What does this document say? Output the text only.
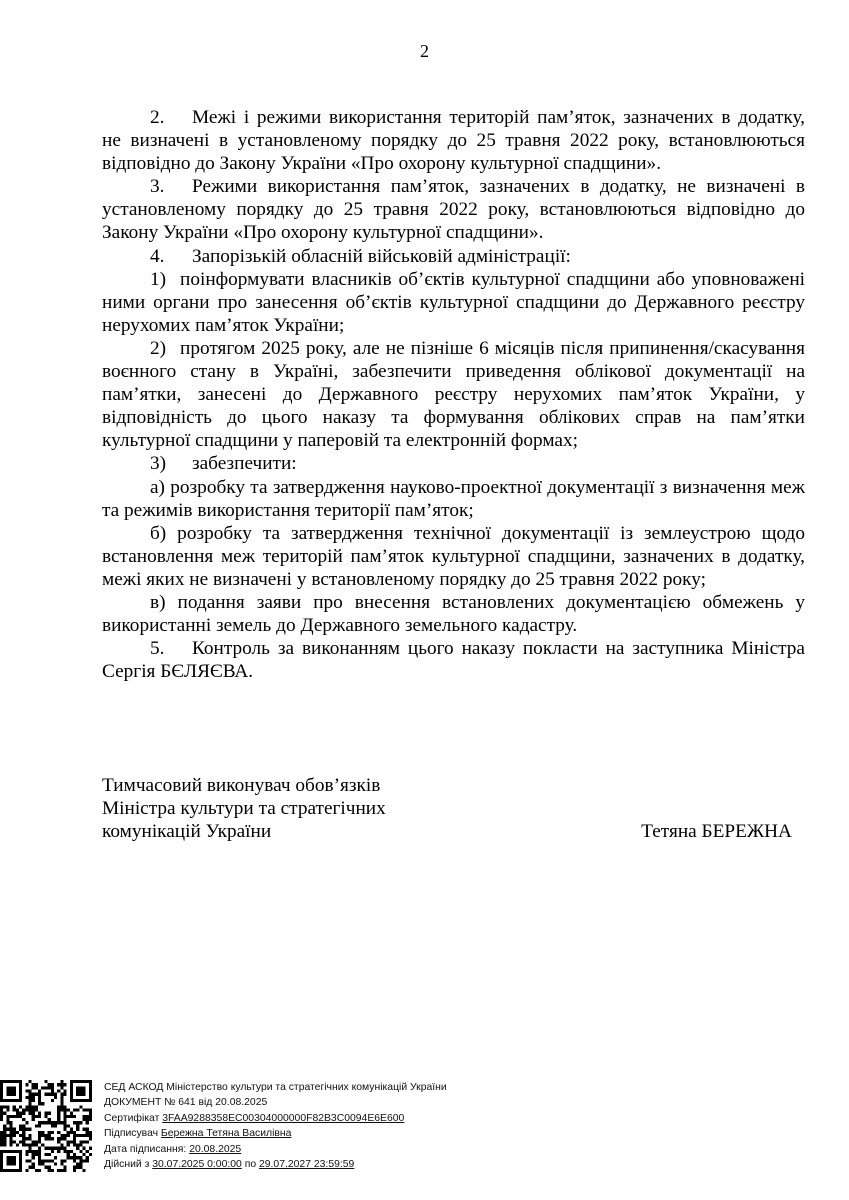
2

2. Межі і режими використання територій пам’яток, зазначених в додатку, не визначені в установленому порядку до 25 травня 2022 року, встановлюються відповідно до Закону України «Про охорону культурної спадщини».

3. Режими використання пам’яток, зазначених в додатку, не визначені в установленому порядку до 25 травня 2022 року, встановлюються відповідно до Закону України «Про охорону культурної спадщини».

4. Запорізькій обласній військовій адміністрації:

1) поінформувати власників об’єктів культурної спадщини або уповноважені ними органи про занесення об’єктів культурної спадщини до Державного реєстру нерухомих пам’яток України;

2) протягом 2025 року, але не пізніше 6 місяців після припинення/скасування воєнного стану в Україні, забезпечити приведення облікової документації на пам’ятки, занесені до Державного реєстру нерухомих пам’яток України, у відповідність до цього наказу та формування облікових справ на пам’ятки культурної спадщини у паперовій та електронній формах;

3) забезпечити:

а) розробку та затвердження науково-проектної документації з визначення меж та режимів використання території пам’яток;

б) розробку та затвердження технічної документації із землеустрою щодо встановлення меж територій пам’яток культурної спадщини, зазначених в додатку, межі яких не визначені у встановленому порядку до 25 травня 2022 року;

в) подання заяви про внесення встановлених документацією обмежень у використанні земель до Державного земельного кадастру.

5. Контроль за виконанням цього наказу покласти на заступника Міністра Сергія БЄЛЯЄВА.

Тимчасовий виконувач обов’язків
Міністра культури та стратегічних
комунікацій України	Тетяна БЕРЕЖНА
СЕД АСКОД Міністерство культури та стратегічних комунікацій України
ДОКУМЕНТ № 641 від 20.08.2025
Сертифікат 3FAA9288358EC00304000000F82B3C0094E6E600
Підписувач Бережна Тетяна Василівна
Дата підписання: 20.08.2025
Дійсний з 30.07.2025 0:00:00 по 29.07.2027 23:59:59
